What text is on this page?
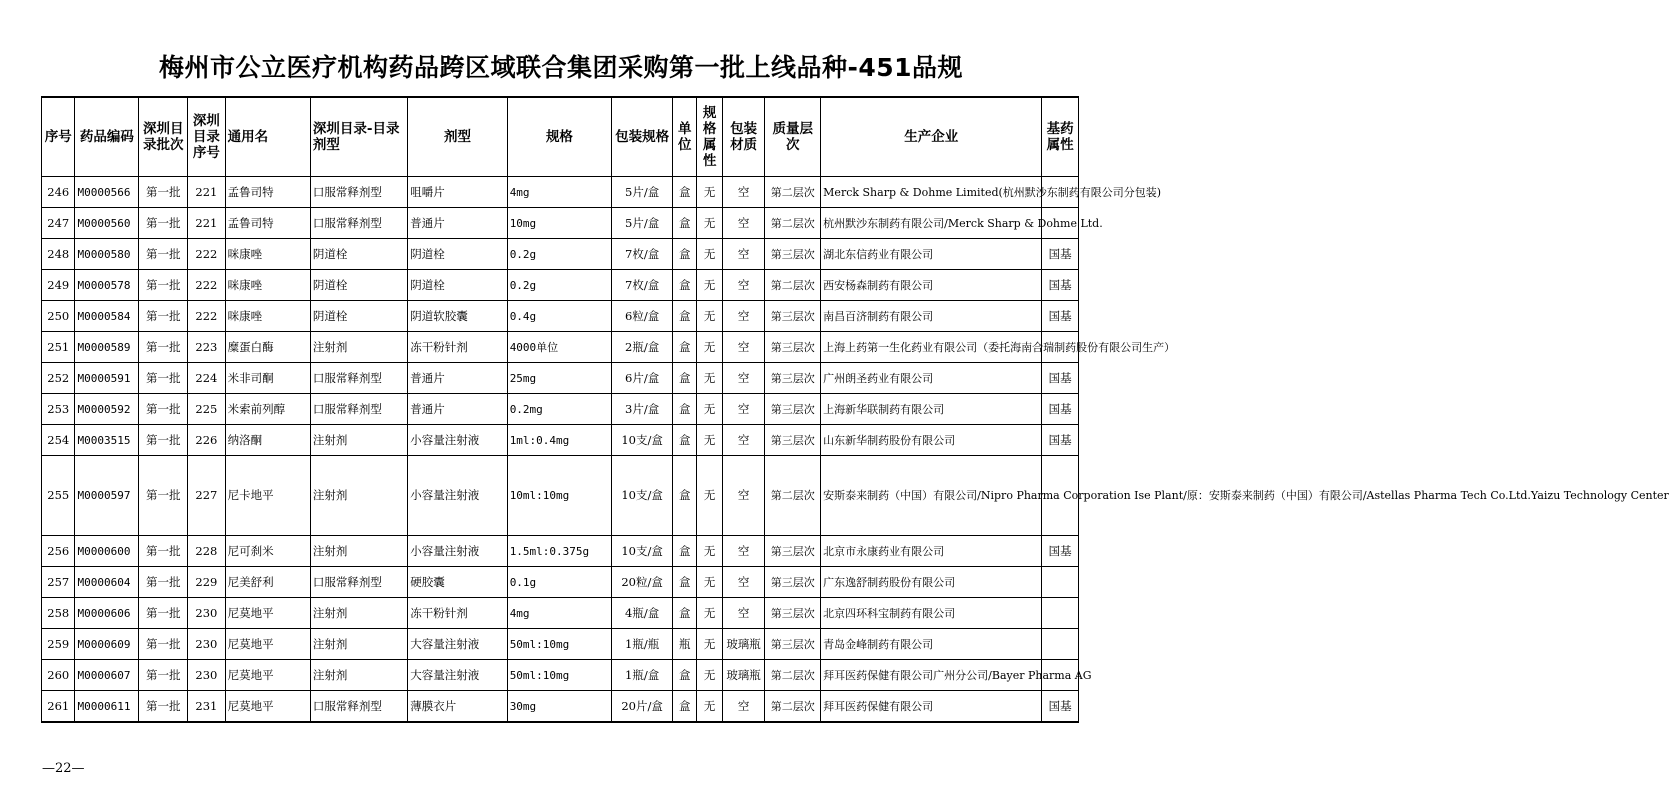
梅州市公立医疗机构药品跨区域联合集团采购第一批上线品种-451品规
序号	药品编码	深圳目录批次	深圳目录序号	通用名	深圳目录-目录剂型	剂型	规格	包装规格	单位	规格属性	包装材质	质量层次	生产企业	基药属性
246	M0000566	第一批	221	孟鲁司特	口服常释剂型	咀嚼片	4mg	5片/盒	盒	无	空	第二层次	Merck Sharp & Dohme Limited(杭州默沙东制药有限公司分包装)	
247	M0000560	第一批	221	孟鲁司特	口服常释剂型	普通片	10mg	5片/盒	盒	无	空	第二层次	杭州默沙东制药有限公司/Merck Sharp & Dohme Ltd.	
248	M0000580	第一批	222	咪康唑	阴道栓	阴道栓	0.2g	7枚/盒	盒	无	空	第三层次	湖北东信药业有限公司	国基
249	M0000578	第一批	222	咪康唑	阴道栓	阴道栓	0.2g	7枚/盒	盒	无	空	第二层次	西安杨森制药有限公司	国基
250	M0000584	第一批	222	咪康唑	阴道栓	阴道软胶囊	0.4g	6粒/盒	盒	无	空	第三层次	南昌百济制药有限公司	国基
251	M0000589	第一批	223	糜蛋白酶	注射剂	冻干粉针剂	4000单位	2瓶/盒	盒	无	空	第三层次	上海上药第一生化药业有限公司（委托海南合瑞制药股份有限公司生产）	
252	M0000591	第一批	224	米非司酮	口服常释剂型	普通片	25mg	6片/盒	盒	无	空	第三层次	广州朗圣药业有限公司	国基
253	M0000592	第一批	225	米索前列醇	口服常释剂型	普通片	0.2mg	3片/盒	盒	无	空	第三层次	上海新华联制药有限公司	国基
254	M0003515	第一批	226	纳洛酮	注射剂	小容量注射液	1ml:0.4mg	10支/盒	盒	无	空	第三层次	山东新华制药股份有限公司	国基
255	M0000597	第一批	227	尼卡地平	注射剂	小容量注射液	10ml:10mg	10支/盒	盒	无	空	第二层次	安斯泰来制药（中国）有限公司/Nipro Pharma Corporation Ise Plant/原：安斯泰来制药（中国）有限公司/Astellas Pharma Tech Co.Ltd.Yaizu Technology Center	
256	M0000600	第一批	228	尼可刹米	注射剂	小容量注射液	1.5ml:0.375g	10支/盒	盒	无	空	第三层次	北京市永康药业有限公司	国基
257	M0000604	第一批	229	尼美舒利	口服常释剂型	硬胶囊	0.1g	20粒/盒	盒	无	空	第三层次	广东逸舒制药股份有限公司	
258	M0000606	第一批	230	尼莫地平	注射剂	冻干粉针剂	4mg	4瓶/盒	盒	无	空	第三层次	北京四环科宝制药有限公司	
259	M0000609	第一批	230	尼莫地平	注射剂	大容量注射液	50ml:10mg	1瓶/瓶	瓶	无	玻璃瓶	第三层次	青岛金峰制药有限公司	
260	M0000607	第一批	230	尼莫地平	注射剂	大容量注射液	50ml:10mg	1瓶/盒	盒	无	玻璃瓶	第二层次	拜耳医药保健有限公司广州分公司/Bayer Pharma AG	
261	M0000611	第一批	231	尼莫地平	口服常释剂型	薄膜衣片	30mg	20片/盒	盒	无	空	第二层次	拜耳医药保健有限公司	国基
—22—
